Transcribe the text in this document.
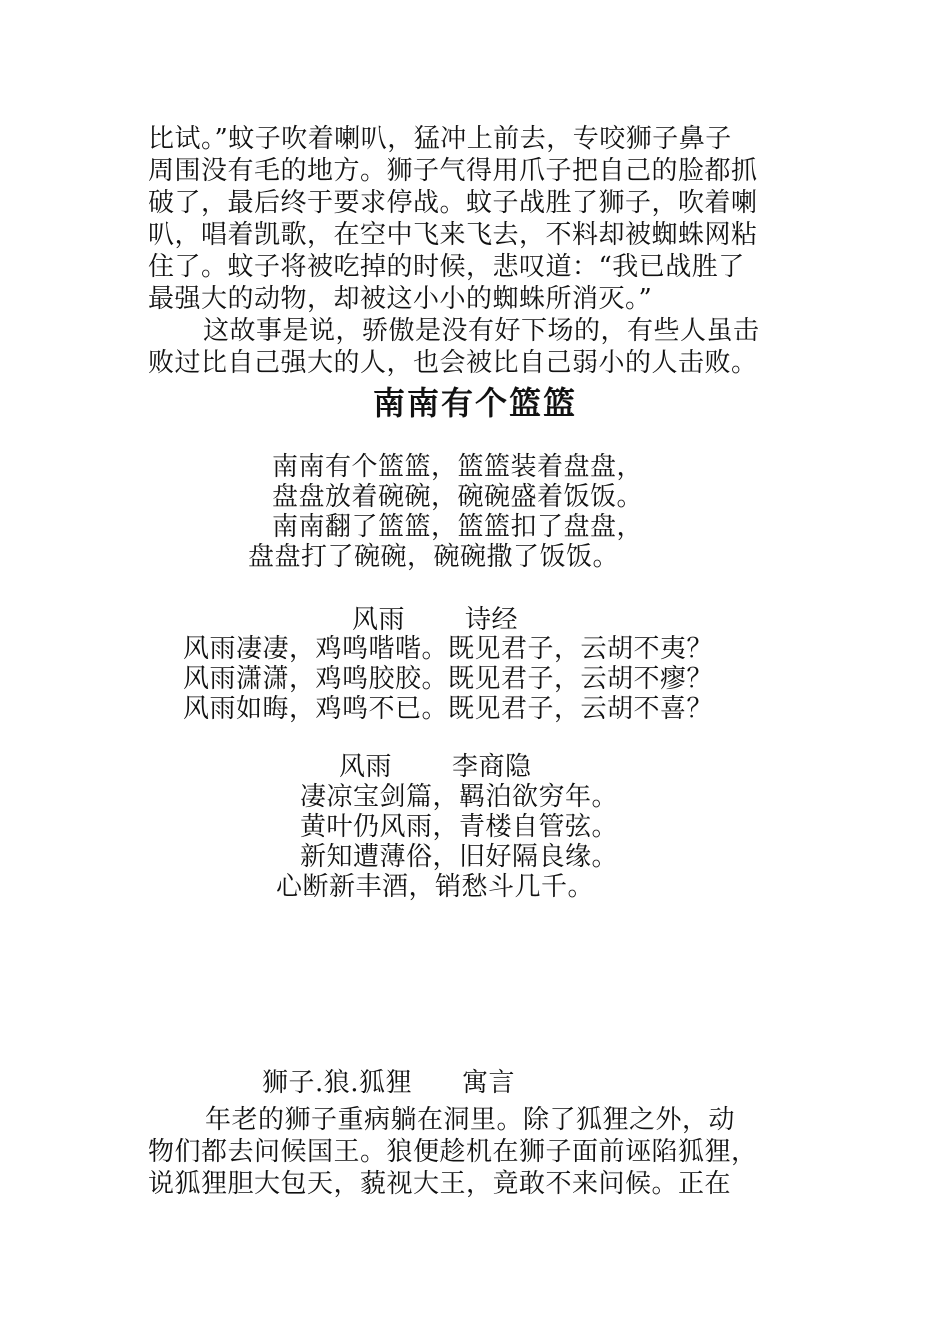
比试。”蚊子吹着喇叭，猛冲上前去，专咬狮子鼻子
周围没有毛的地方。狮子气得用爪子把自己的脸都抓
破了，最后终于要求停战。蚊子战胜了狮子，吹着喇
叭，唱着凯歌，在空中飞来飞去，不料却被蜘蛛网粘
住了。蚊子将被吃掉的时候，悲叹道：“我已战胜了
最强大的动物，却被这小小的蜘蛛所消灭。”
这故事是说，骄傲是没有好下场的，有些人虽击
败过比自己强大的人，也会被比自己弱小的人击败。
南南有个篮篮
南南有个篮篮，篮篮装着盘盘，
盘盘放着碗碗，碗碗盛着饭饭。
南南翻了篮篮，篮篮扣了盘盘，
盘盘打了碗碗，碗碗撒了饭饭。
风雨 诗经
风雨凄凄，鸡鸣喈喈。既见君子，云胡不夷？
风雨潇潇，鸡鸣胶胶。既见君子，云胡不瘳？
风雨如晦，鸡鸣不已。既见君子，云胡不喜？
风雨 李商隐
凄凉宝剑篇，羁泊欲穷年。
黄叶仍风雨，青楼自管弦。
新知遭薄俗，旧好隔良缘。
心断新丰酒，销愁斗几千。
狮子.狼.狐狸 寓言
年老的狮子重病躺在洞里。除了狐狸之外，动
物们都去问候国王。狼便趁机在狮子面前诬陷狐狸，
说狐狸胆大包天，藐视大王，竟敢不来问候。正在
